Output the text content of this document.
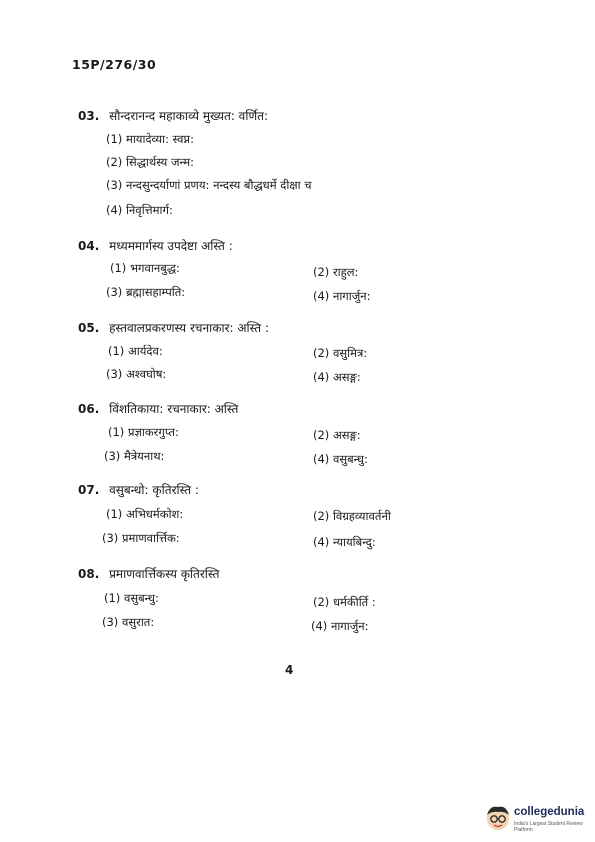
15P/276/30
03. सौन्दरानन्द महाकाव्ये मुख्यत: वर्णित:
(1) मायादेव्या: स्वप्न:
(2) सिद्धार्थस्य जन्म:
(3) नन्दसुन्दर्याणां प्रणय: नन्दस्य बौद्धधर्मे दीक्षा च
(4) निवृत्तिमार्ग:
04. मध्यममार्गस्य उपदेष्टा अस्ति :
(1) भगवानबुद्ध:	(2) राहुल:
(3) ब्रह्मासहाम्पति:	(4) नागार्जुन:
05. हस्तवालप्रकरणस्य रचनाकार: अस्ति :
(1) आर्यदेव:	(2) वसुमित्र:
(3) अश्वघोष:	(4) असङ्ग:
06. विंशतिकाया: रचनाकार: अस्ति
(1) प्रज्ञाकरगुप्त:	(2) असङ्ग:
(3) मैत्रेयनाथ:	(4) वसुबन्धु:
07. वसुबन्धो: कृतिरस्ति :
(1) अभिधर्मकोश:	(2) विग्रहव्यावर्तनी
(3) प्रमाणवार्त्तिक:	(4) न्यायबिन्दु:
08. प्रमाणवार्त्तिकस्य कृतिरस्ति
(1) वसुबन्धु:	(2) धर्मकीर्ति :
(3) वसुरात:	(4) नागार्जुन:
4
collegedunia
India's Largest Student Review Platform
